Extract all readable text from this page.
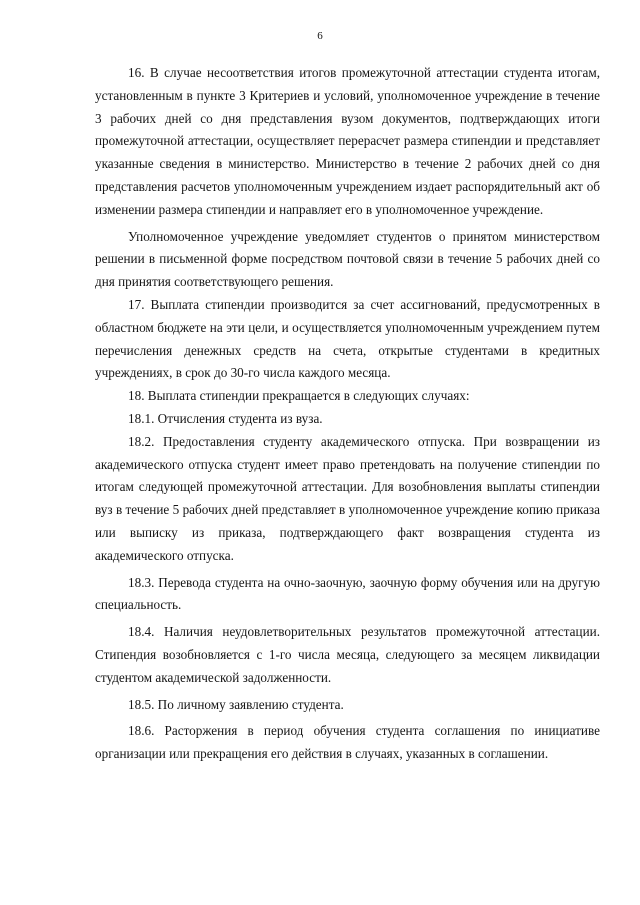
6

16. В случае несоответствия итогов промежуточной аттестации студента итогам, установленным в пункте 3 Критериев и условий, уполномоченное учреждение в течение 3 рабочих дней со дня представления вузом документов, подтверждающих итоги промежуточной аттестации, осуществляет перерасчет размера стипендии и представляет указанные сведения в министерство. Министерство в течение 2 рабочих дней со дня представления расчетов уполномоченным учреждением издает распорядительный акт об изменении размера стипендии и направляет его в уполномоченное учреждение.

Уполномоченное учреждение уведомляет студентов о принятом министерством решении в письменной форме посредством почтовой связи в течение 5 рабочих дней со дня принятия соответствующего решения.

17. Выплата стипендии производится за счет ассигнований, предусмотренных в областном бюджете на эти цели, и осуществляется уполномоченным учреждением путем перечисления денежных средств на счета, открытые студентами в кредитных учреждениях, в срок до 30-го числа каждого месяца.

18. Выплата стипендии прекращается в следующих случаях:

18.1. Отчисления студента из вуза.

18.2. Предоставления студенту академического отпуска. При возвращении из академического отпуска студент имеет право претендовать на получение стипендии по итогам следующей промежуточной аттестации. Для возобновления выплаты стипендии вуз в течение 5 рабочих дней представляет в уполномоченное учреждение копию приказа или выписку из приказа, подтверждающего факт возвращения студента из академического отпуска.

18.3. Перевода студента на очно-заочную, заочную форму обучения или на другую специальность.

18.4. Наличия неудовлетворительных результатов промежуточной аттестации. Стипендия возобновляется с 1-го числа месяца, следующего за месяцем ликвидации студентом академической задолженности.

18.5. По личному заявлению студента.

18.6. Расторжения в период обучения студента соглашения по инициативе организации или прекращения его действия в случаях, указанных в соглашении.
